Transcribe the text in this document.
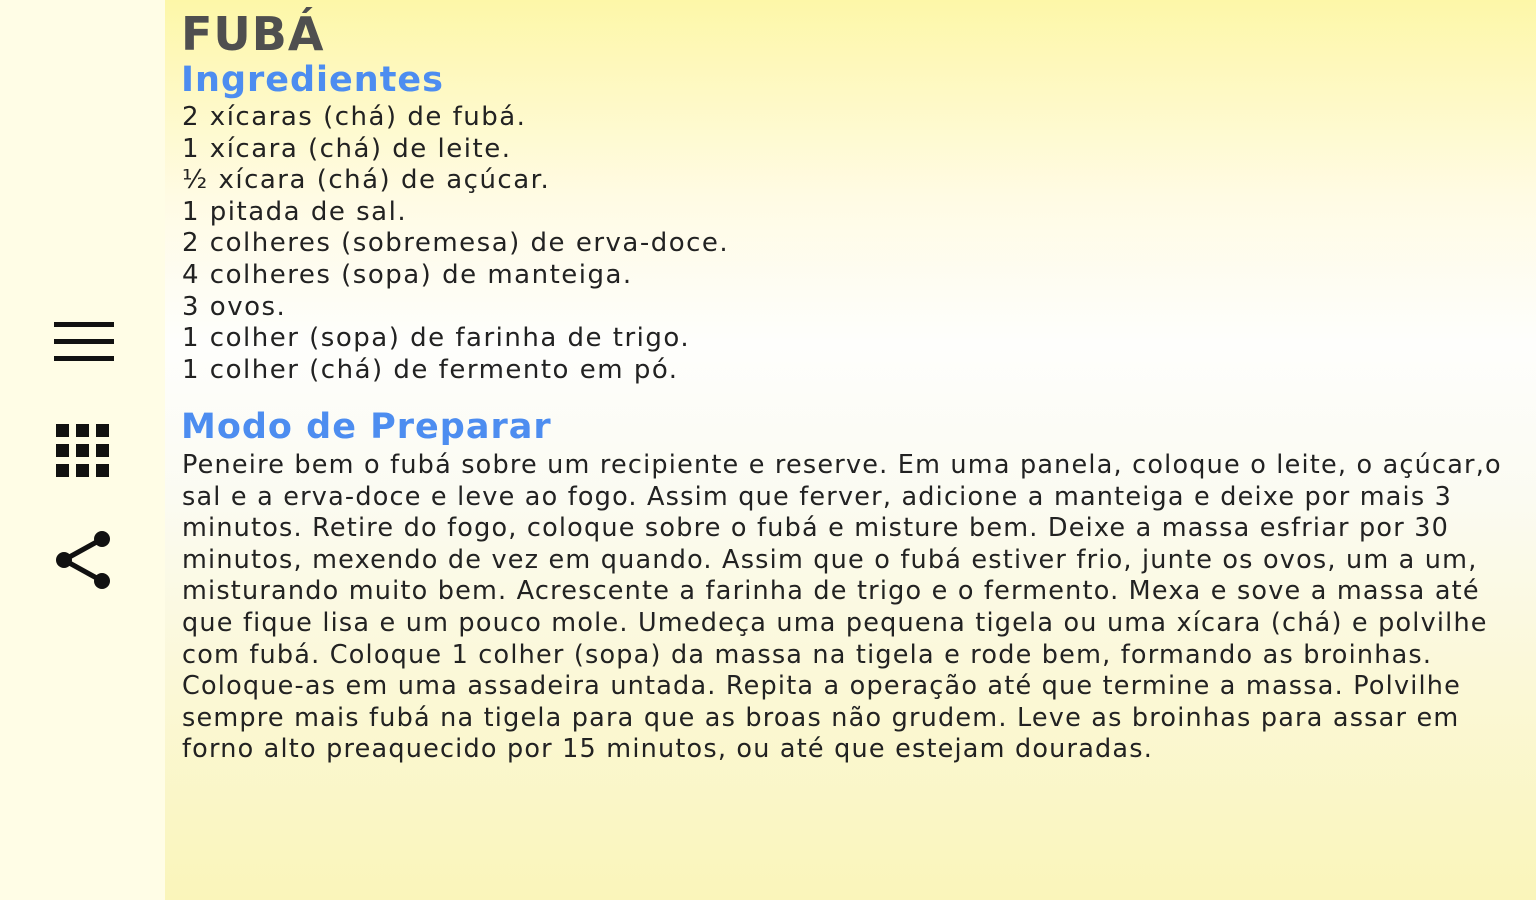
FUBÁ
Ingredientes
2 xícaras (chá) de fubá.
1 xícara (chá) de leite.
½ xícara (chá) de açúcar.
1 pitada de sal.
2 colheres (sobremesa) de erva-doce.
4 colheres (sopa) de manteiga.
3 ovos.
1 colher (sopa) de farinha de trigo.
1 colher (chá) de fermento em pó.
Modo de Preparar

Peneire bem o fubá sobre um recipiente e reserve. Em uma panela, coloque o leite, o açúcar,o sal e a erva-doce e leve ao fogo. Assim que ferver, adicione a manteiga e deixe por mais 3 minutos. Retire do fogo, coloque sobre o fubá e misture bem. Deixe a massa esfriar por 30 minutos, mexendo de vez em quando. Assim que o fubá estiver frio, junte os ovos, um a um, misturando muito bem. Acrescente a farinha de trigo e o fermento. Mexa e sove a massa até que fique lisa e um pouco mole. Umedeça uma pequena tigela ou uma xícara (chá) e polvilhe com fubá. Coloque 1 colher (sopa) da massa na tigela e rode bem, formando as broinhas. Coloque-as em uma assadeira untada. Repita a operação até que termine a massa. Polvilhe sempre mais fubá na tigela para que as broas não grudem. Leve as broinhas para assar em forno alto preaquecido por 15 minutos, ou até que estejam douradas.
